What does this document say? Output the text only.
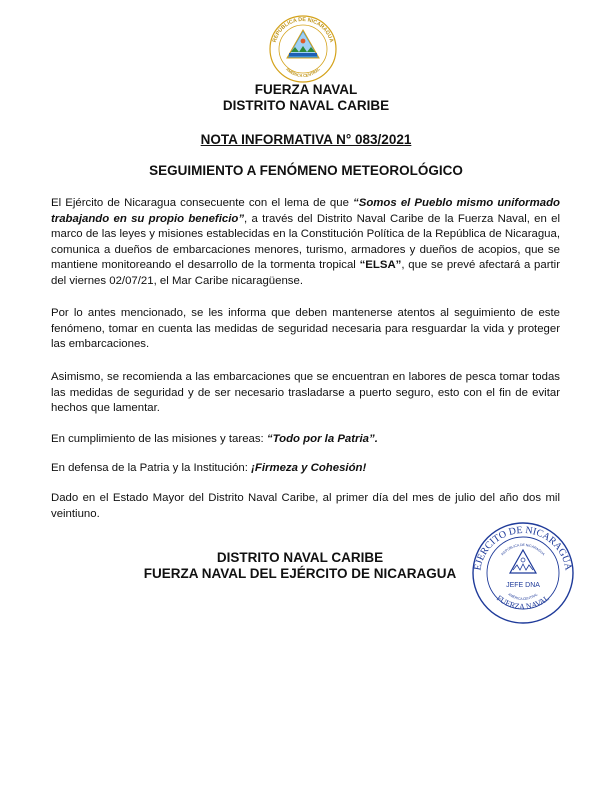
REPÚBLICA DE NICARAGUA
AMÉRICA CENTRAL
FUERZA NAVAL
DISTRITO NAVAL CARIBE
NOTA INFORMATIVA N° 083/2021
SEGUIMIENTO A FENÓMENO METEOROLÓGICO

El Ejército de Nicaragua consecuente con el lema de que “Somos el Pueblo mismo uniformado trabajando en su propio beneficio”, a través del Distrito Naval Caribe de la Fuerza Naval, en el marco de las leyes y misiones establecidas en la Constitución Política de la República de Nicaragua, comunica a dueños de embarcaciones menores, turismo, armadores y dueños de acopios, que se mantiene monitoreando el desarrollo de la tormenta tropical “ELSA”, que se prevé afectará a partir del viernes 02/07/21, el Mar Caribe nicaragüense.

Por lo antes mencionado, se les informa que deben mantenerse atentos al seguimiento de este fenómeno, tomar en cuenta las medidas de seguridad necesaria para resguardar la vida y proteger las embarcaciones.

Asimismo, se recomienda a las embarcaciones que se encuentran en labores de pesca tomar todas las medidas de seguridad y de ser necesario trasladarse a puerto seguro, esto con el fin de evitar hechos que lamentar.

En cumplimiento de las misiones y tareas: “Todo por la Patria”.

En defensa de la Patria y la Institución: ¡Firmeza y Cohesión!

Dado en el Estado Mayor del Distrito Naval Caribe, al primer día del mes de julio del año dos mil veintiuno.

DISTRITO NAVAL CARIBE
FUERZA NAVAL DEL EJÉRCITO DE NICARAGUA	EJÉRCITO DE NICARAGUA
FUERZA NAVAL
REPÚBLICA DE NICARAGUA
AMÉRICA CENTRAL
JEFE DNA
